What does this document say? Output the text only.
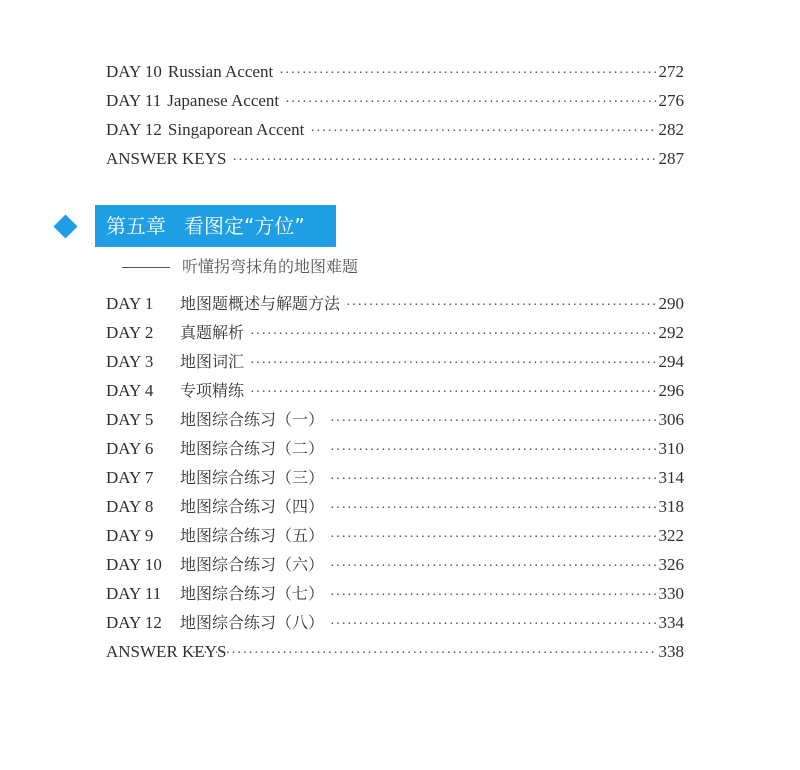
DAY 10 Russian Accent ·····	272
DAY 11 Japanese Accent ·····	276
DAY 12 Singaporean Accent ·····	282
ANSWER KEYS ·····	287
第五章 看图定“方位”
听懂拐弯抹角的地图难题
DAY 1	地图题概述与解题方法 ·····	290
DAY 2	真题解析 ·····	292
DAY 3	地图词汇 ·····	294
DAY 4	专项精练 ·····	296
DAY 5	地图综合练习（一） ·····	306
DAY 6	地图综合练习（二） ·····	310
DAY 7	地图综合练习（三） ·····	314
DAY 8	地图综合练习（四） ·····	318
DAY 9	地图综合练习（五） ·····	322
DAY 10	地图综合练习（六） ·····	326
DAY 11	地图综合练习（七） ·····	330
DAY 12	地图综合练习（八） ·····	334
ANSWER KEYS ·····	338
